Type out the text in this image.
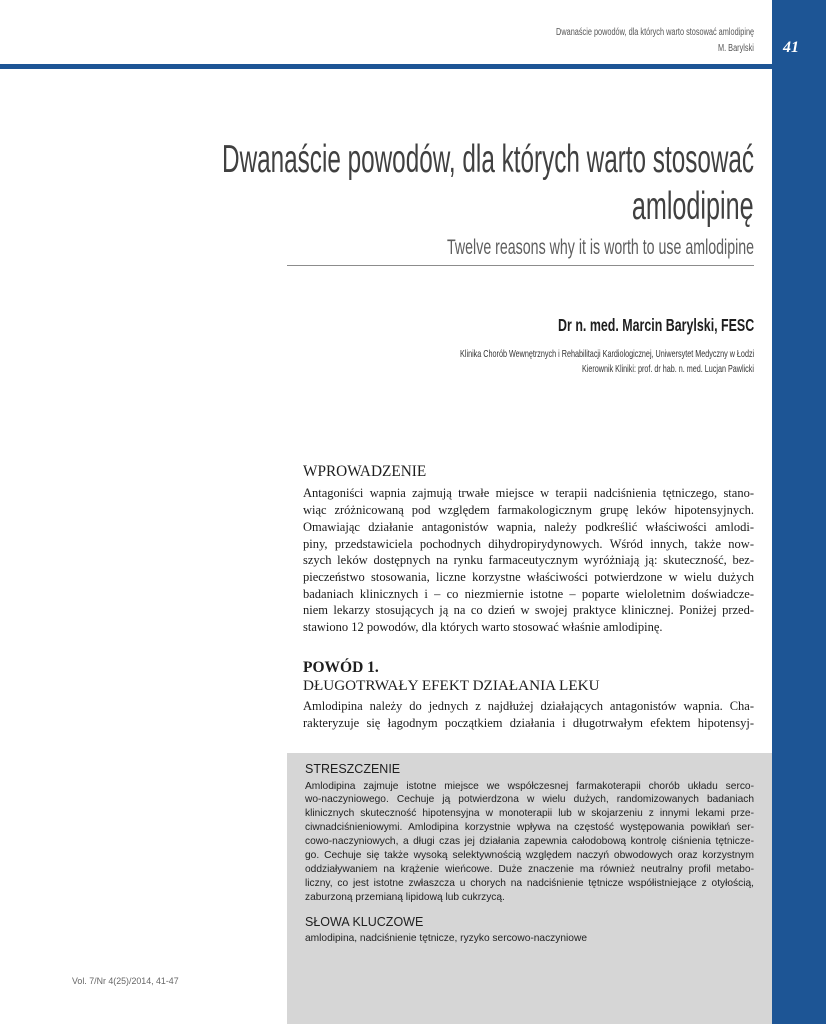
41
Dwanaście powodów, dla których warto stosować amlodipinę
M. Barylski
Dwanaście powodów, dla których warto stosować
amlodipinę
Twelve reasons why it is worth to use amlodipine
Dr n. med. Marcin Barylski, FESC
Klinika Chorób Wewnętrznych i Rehabilitacji Kardiologicznej, Uniwersytet Medyczny w Łodzi
Kierownik Kliniki: prof. dr hab. n. med. Lucjan Pawlicki
WPROWADZENIE
Antagoniści wapnia zajmują trwałe miejsce w terapii nadciśnienia tętniczego, stano-
wiąc zróżnicowaną pod względem farmakologicznym grupę leków hipotensyjnych.
Omawiając działanie antagonistów wapnia, należy podkreślić właściwości amlodi-
piny, przedstawiciela pochodnych dihydropirydynowych. Wśród innych, także now-
szych leków dostępnych na rynku farmaceutycznym wyróżniają ją: skuteczność, bez-
pieczeństwo stosowania, liczne korzystne właściwości potwierdzone w wielu dużych
badaniach klinicznych i – co niezmiernie istotne – poparte wieloletnim doświadcze-
niem lekarzy stosujących ją na co dzień w swojej praktyce klinicznej. Poniżej przed-
stawiono 12 powodów, dla których warto stosować właśnie amlodipinę.
POWÓD 1.
DŁUGOTRWAŁY EFEKT DZIAŁANIA LEKU
Amlodipina należy do jednych z najdłużej działających antagonistów wapnia. Cha-
rakteryzuje się łagodnym początkiem działania i długotrwałym efektem hipotensyj-
STRESZCZENIE
Amlodipina zajmuje istotne miejsce we współczesnej farmakoterapii chorób układu serco-
wo-naczyniowego. Cechuje ją potwierdzona w wielu dużych, randomizowanych badaniach
klinicznych skuteczność hipotensyjna w monoterapii lub w skojarzeniu z innymi lekami prze-
ciwnadciśnieniowymi. Amlodipina korzystnie wpływa na częstość występowania powikłań ser-
cowo-naczyniowych, a długi czas jej działania zapewnia całodobową kontrolę ciśnienia tętnicze-
go. Cechuje się także wysoką selektywnością względem naczyń obwodowych oraz korzystnym
oddziaływaniem na krążenie wieńcowe. Duże znaczenie ma również neutralny profil metabo-
liczny, co jest istotne zwłaszcza u chorych na nadciśnienie tętnicze współistniejące z otyłością,
zaburzoną przemianą lipidową lub cukrzycą.
SŁOWA KLUCZOWE
amlodipina, nadciśnienie tętnicze, ryzyko sercowo-naczyniowe
Vol. 7/Nr 4(25)/2014, 41-47
